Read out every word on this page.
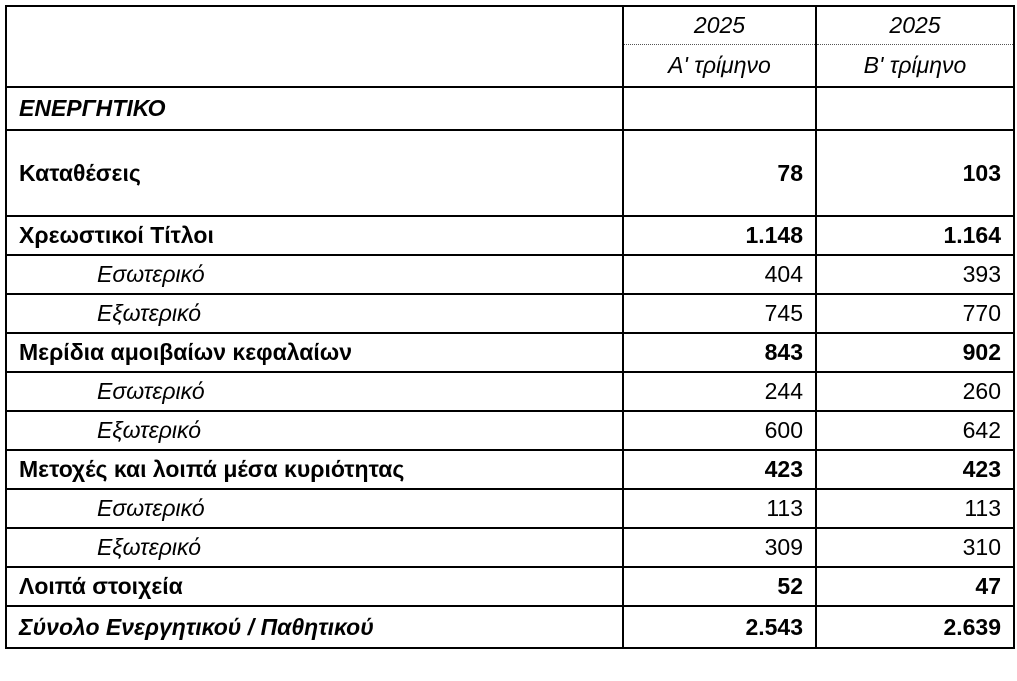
	2025	2025
	A' τρίμηνο	B' τρίμηνο
ΕΝΕΡΓΗΤΙΚΟ		
Καταθέσεις	78	103
Χρεωστικοί Τίτλοι	1.148	1.164
Εσωτερικό	404	393
Εξωτερικό	745	770
Μερίδια αμοιβαίων κεφαλαίων	843	902
Εσωτερικό	244	260
Εξωτερικό	600	642
Μετοχές και λοιπά μέσα κυριότητας	423	423
Εσωτερικό	113	113
Εξωτερικό	309	310
Λοιπά στοιχεία	52	47
Σύνολο Ενεργητικού / Παθητικού	2.543	2.639
